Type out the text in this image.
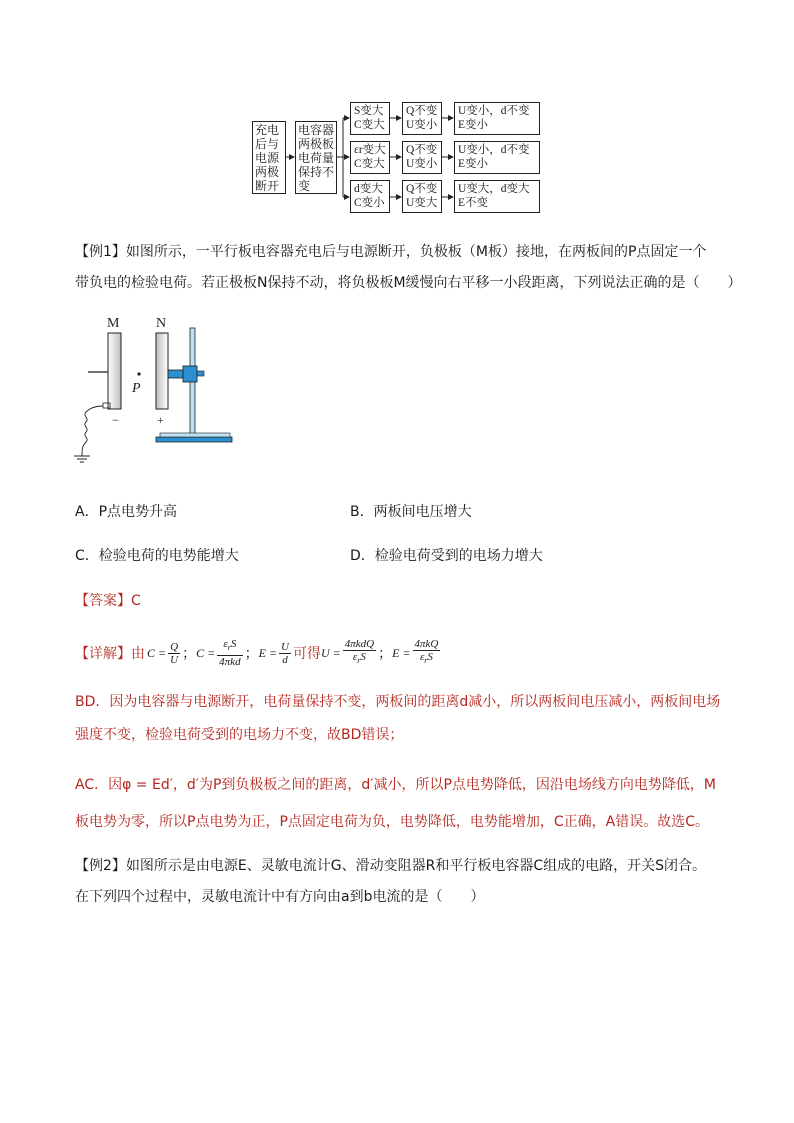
充电后与电源两极断开
电容器两极板电荷量保持不变
S变大
C变大
Q不变
U变小
U变小，d不变
E变小
εr变大
C变大
Q不变
U变小
U变小，d不变
E变小
d变大
C变小
Q不变
U变大
U变大，d变大
E不变
【例1】如图所示，一平行板电容器充电后与电源断开，负极板（M板）接地，在两板间的P点固定一个
带负电的检验电荷。若正极板N保持不动，将负极板M缓慢向右平移一小段距离，下列说法正确的是（　　）
M	N
−
P
+
A．P点电势升高	B．两板间电压增大
C．检验电荷的电势能增大	D．检验电荷受到的电场力增大
【答案】C
【详解】 由 $C = \frac{Q}{U}$ ； $C = \frac{\varepsilon_rS}{\text{4πkd}}$ ； $E = \frac{U}{d}$ 可得 $U = \frac{\text{4πkdQ}}{\varepsilon_rS}$ ； $E = \frac{\text{4πkQ}}{\varepsilon_rS}$
BD．因为电容器与电源断开，电荷量保持不变，两板间的距离d减小，所以两板间电压减小，两板间电场
强度不变，检验电荷受到的电场力不变，故BD错误；
AC．因φ = Ed′，d′为P到负极板之间的距离，d′减小，所以P点电势降低，因沿电场线方向电势降低，M
板电势为零，所以P点电势为正，P点固定电荷为负，电势降低，电势能增加，C正确，A错误。故选C。
【例2】如图所示是由电源E、灵敏电流计G、滑动变阻器R和平行板电容器C组成的电路，开关S闭合。
在下列四个过程中，灵敏电流计中有方向由a到b电流的是（　　）
